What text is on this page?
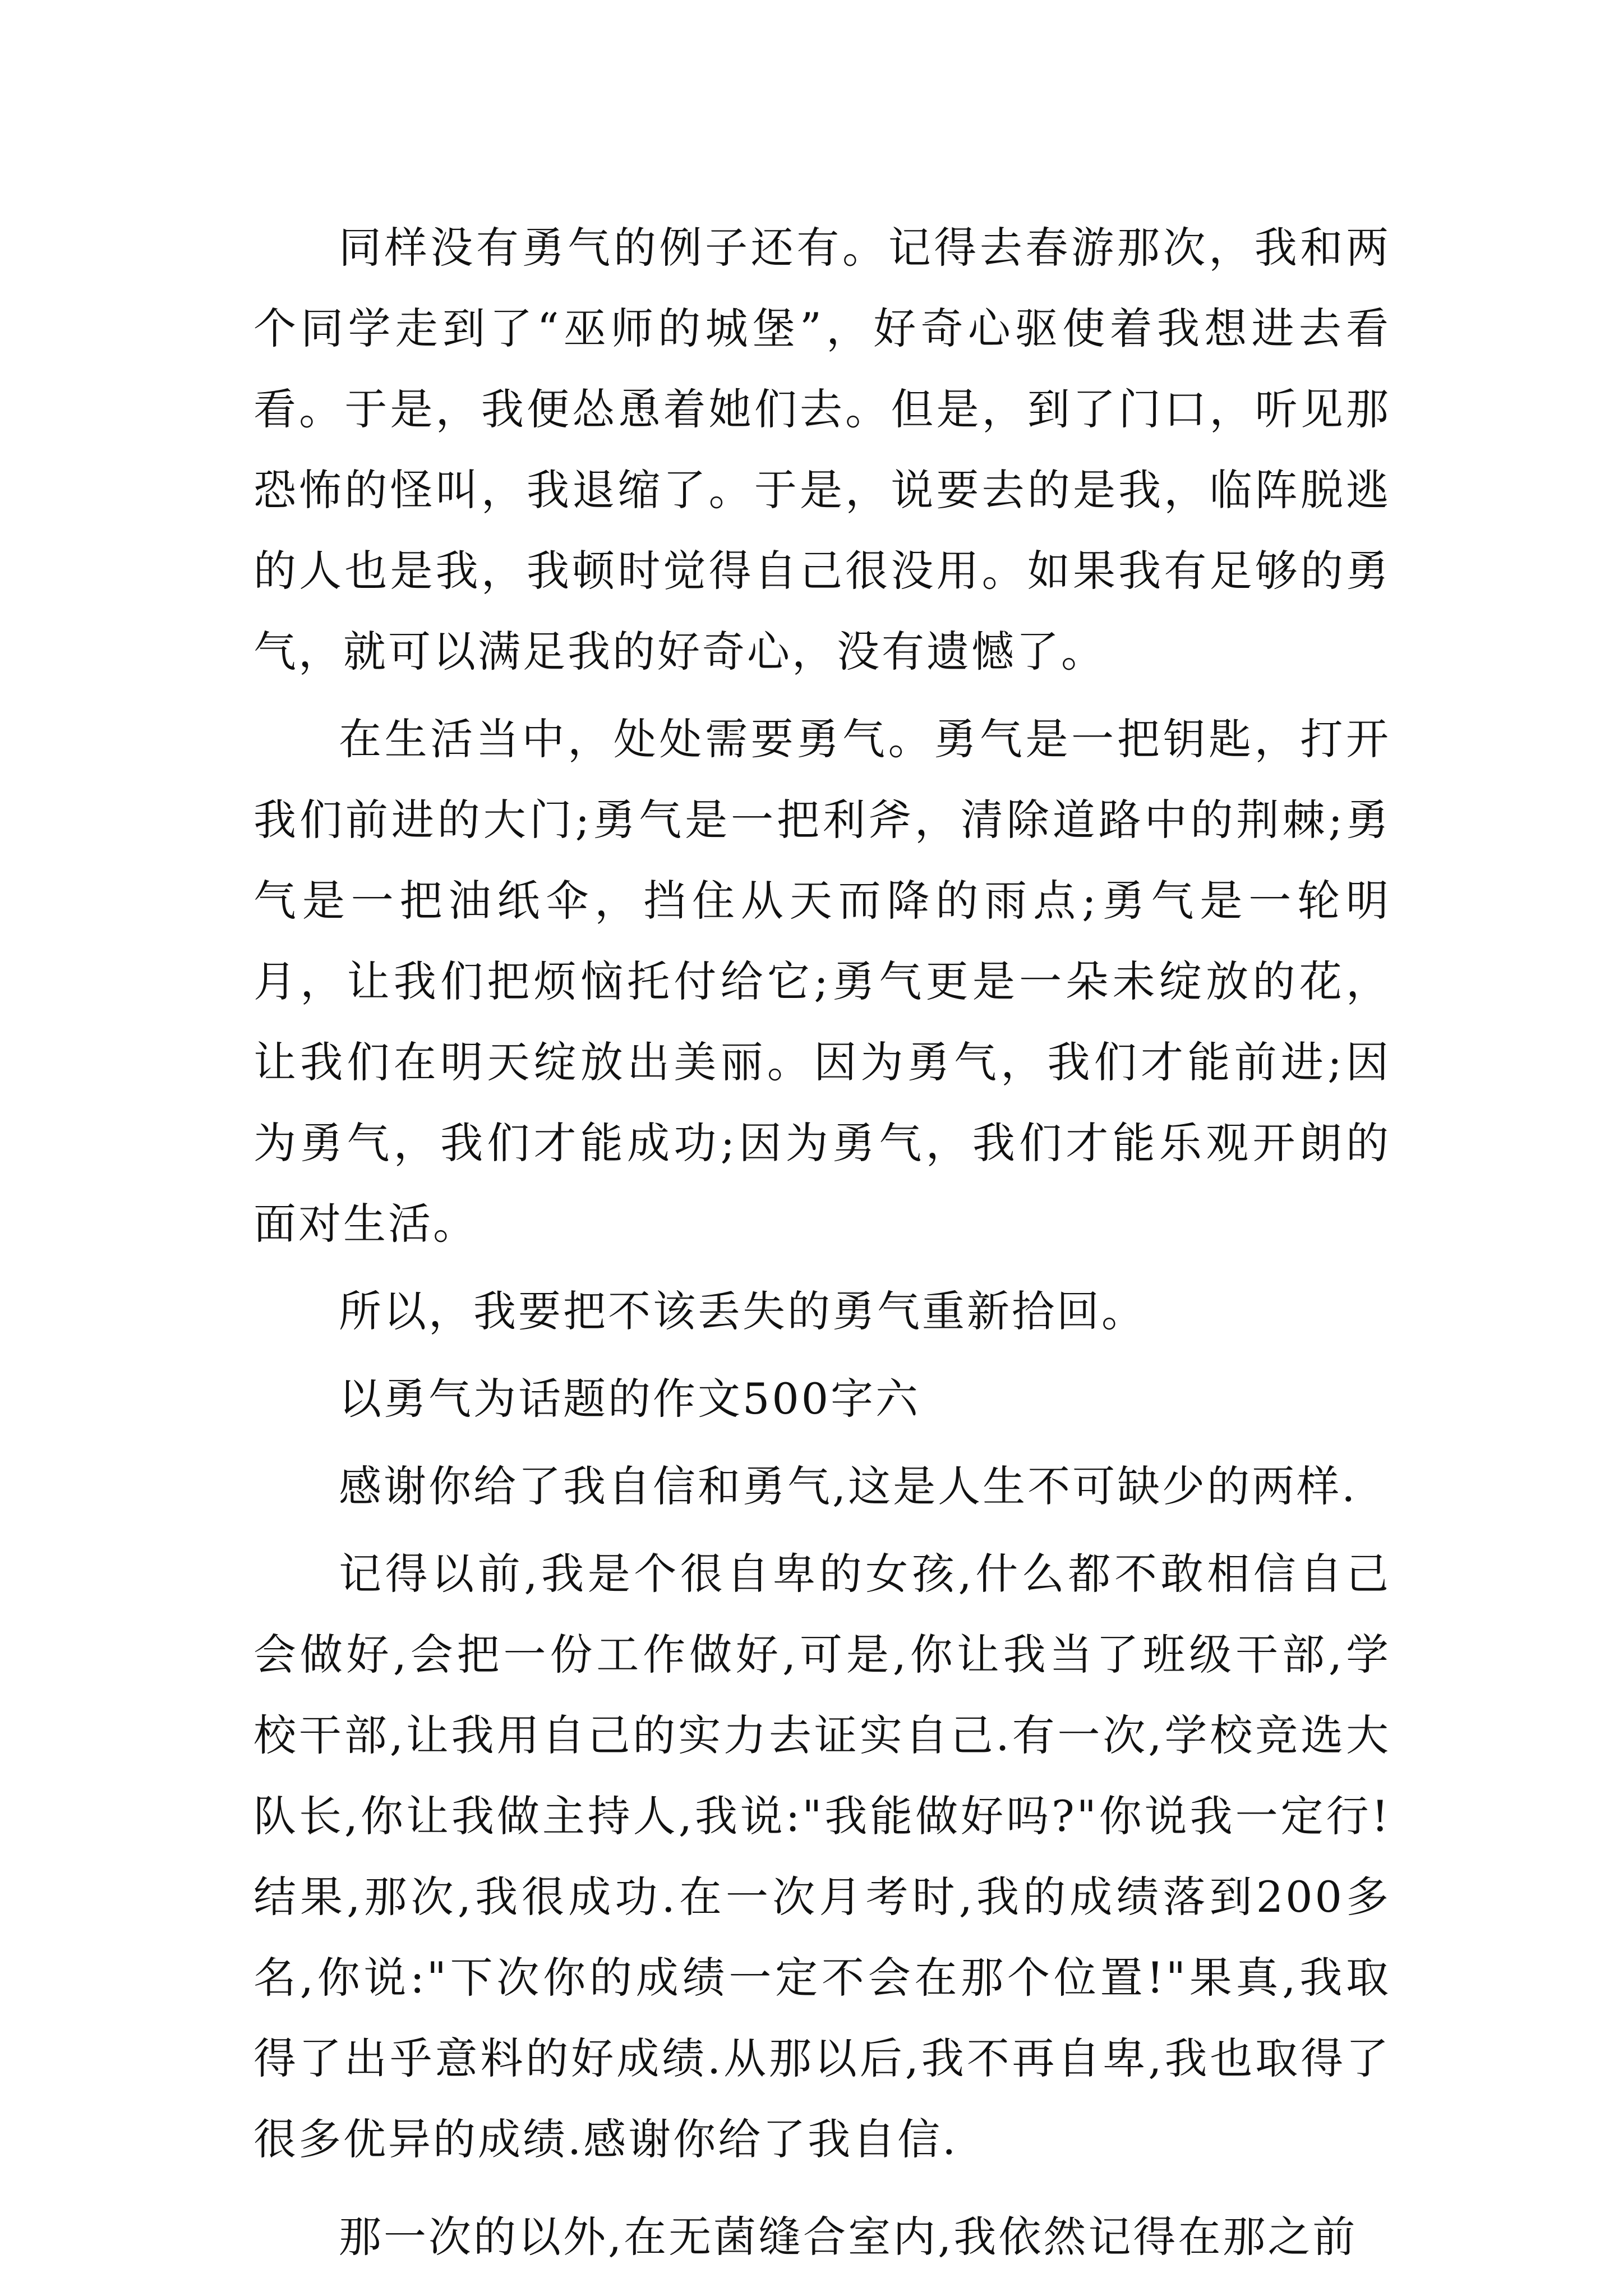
同样没有勇气的例子还有。记得去春游那次，我和两个同学走到了“巫师的城堡”，好奇心驱使着我想进去看看。于是，我便怂恿着她们去。但是，到了门口，听见那恐怖的怪叫，我退缩了。于是，说要去的是我，临阵脱逃的人也是我，我顿时觉得自己很没用。如果我有足够的勇气，就可以满足我的好奇心，没有遗憾了。

在生活当中，处处需要勇气。勇气是一把钥匙，打开我们前进的大门;勇气是一把利斧，清除道路中的荆棘;勇气是一把油纸伞，挡住从天而降的雨点;勇气是一轮明月，让我们把烦恼托付给它;勇气更是一朵未绽放的花，让我们在明天绽放出美丽。因为勇气，我们才能前进;因为勇气，我们才能成功;因为勇气，我们才能乐观开朗的面对生活。

所以，我要把不该丢失的勇气重新拾回。

以勇气为话题的作文500字六

感谢你给了我自信和勇气,这是人生不可缺少的两样.

记得以前,我是个很自卑的女孩,什么都不敢相信自己会做好,会把一份工作做好,可是,你让我当了班级干部,学校干部,让我用自己的实力去证实自己.有一次,学校竞选大队长,你让我做主持人,我说:"我能做好吗?"你说我一定行!结果,那次,我很成功.在一次月考时,我的成绩落到200多名,你说:"下次你的成绩一定不会在那个位置!"果真,我取得了出乎意料的好成绩.从那以后,我不再自卑,我也取得了很多优异的成绩.感谢你给了我自信.

那一次的以外,在无菌缝合室内,我依然记得在那之前
